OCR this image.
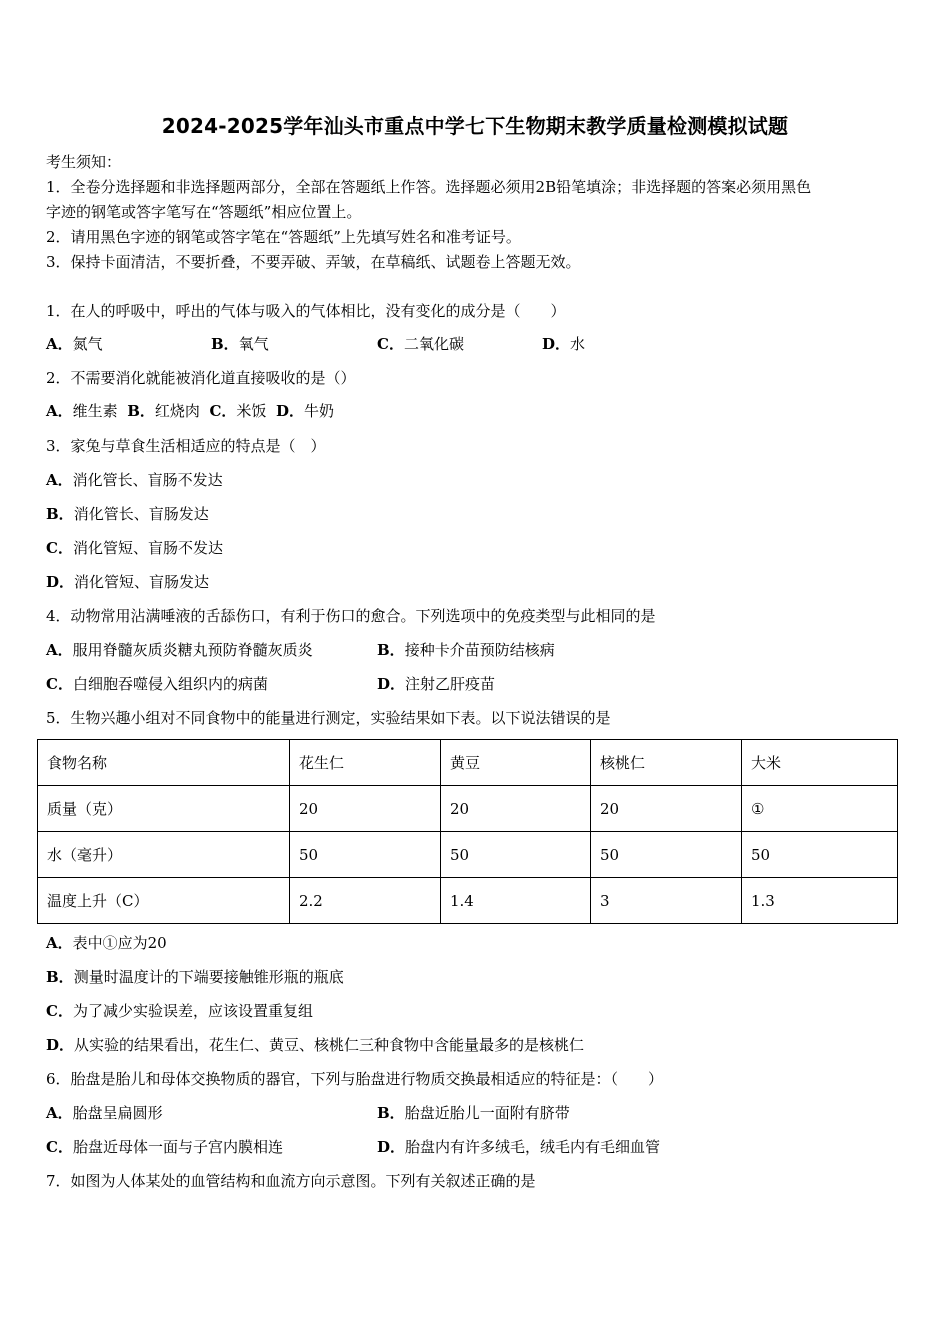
2024-2025学年汕头市重点中学七下生物期末教学质量检测模拟试题
考生须知：
1．全卷分选择题和非选择题两部分，全部在答题纸上作答。选择题必须用2B铅笔填涂；非选择题的答案必须用黑色
字迹的钢笔或答字笔写在“答题纸”相应位置上。
2．请用黑色字迹的钢笔或答字笔在“答题纸”上先填写姓名和准考证号。
3．保持卡面清洁，不要折叠，不要弄破、弄皱，在草稿纸、试题卷上答题无效。
1．在人的呼吸中，呼出的气体与吸入的气体相比，没有变化的成分是（　　）
A．氮气	B．氧气	C．二氧化碳	D．水
2．不需要消化就能被消化道直接吸收的是（）
A．维生素 B．红烧肉 C．米饭 D．牛奶
3．家兔与草食生活相适应的特点是（　）
A．消化管长、盲肠不发达
B．消化管长、盲肠发达
C．消化管短、盲肠不发达
D．消化管短、盲肠发达
4．动物常用沾满唾液的舌舔伤口，有利于伤口的愈合。下列选项中的免疫类型与此相同的是
A．服用脊髓灰质炎糖丸预防脊髓灰质炎	B．接种卡介苗预防结核病
C．白细胞吞噬侵入组织内的病菌	D．注射乙肝疫苗
5．生物兴趣小组对不同食物中的能量进行测定，实验结果如下表。以下说法错误的是
食物名称	花生仁	黄豆	核桃仁	大米
质量（克）	20	20	20	①
水（毫升）	50	50	50	50
温度上升（C）	2.2	1.4	3	1.3
A．表中①应为20
B．测量时温度计的下端要接触锥形瓶的瓶底
C．为了减少实验误差，应该设置重复组
D．从实验的结果看出，花生仁、黄豆、核桃仁三种食物中含能量最多的是核桃仁
6．胎盘是胎儿和母体交换物质的器官，下列与胎盘进行物质交换最相适应的特征是：（　　）
A．胎盘呈扁圆形	B．胎盘近胎儿一面附有脐带
C．胎盘近母体一面与子宫内膜相连	D．胎盘内有许多绒毛，绒毛内有毛细血管
7．如图为人体某处的血管结构和血流方向示意图。下列有关叙述正确的是
